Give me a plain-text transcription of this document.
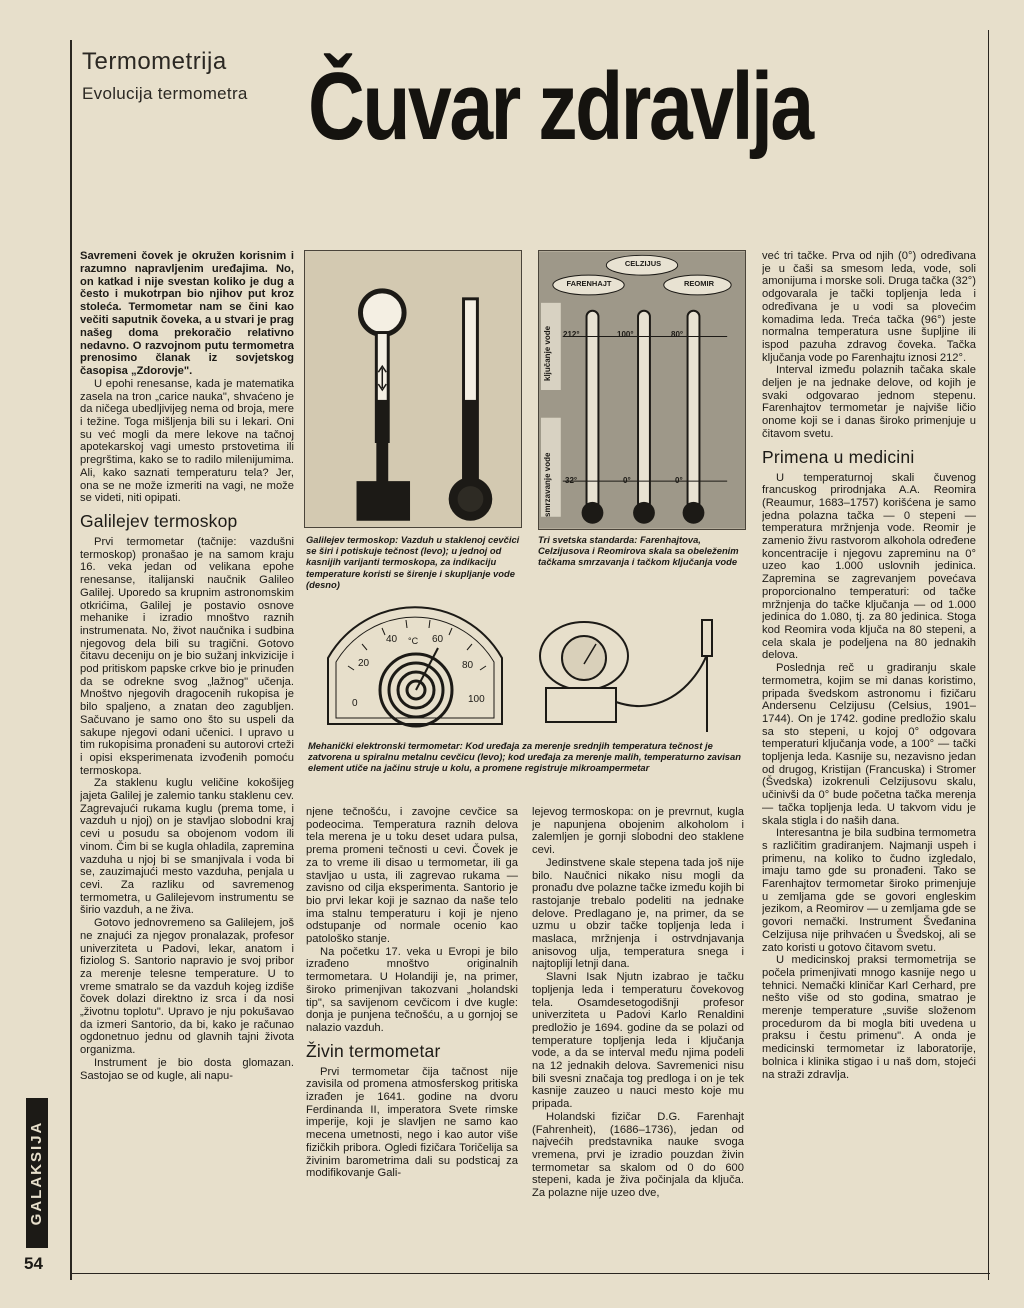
Termometrija
Evolucija termometra Čuvar zdravlja

Savremeni čovek je okružen korisnim i razumno napravljenim uređajima. No, on katkad i nije svestan koliko je dug a često i mukotrpan bio njihov put kroz stoleća. Termometar nam se čini kao večiti saputnik čoveka, a u stvari je prag našeg doma prekoračio relativno nedavno. O razvojnom putu termometra prenosimo članak iz sovjetskog časopisa „Zdorovje".

U epohi renesanse, kada je matematika zasela na tron „carice nauka", shvaćeno je da ničega ubedljivijeg nema od broja, mere i težine. Toga mišljenja bili su i lekari. Oni su već mogli da mere lekove na tačnoj apotekarskoj vagi umesto prstovetima ili pregrštima, kako se to radilo milenijumima. Ali, kako saznati temperaturu tela? Jer, ona se ne može izmeriti na vagi, ne može se videti, niti opipati.

Galilejev termoskop

Prvi termometar (tačnije: vazdušni termoskop) pronašao je na samom kraju 16. veka jedan od velikana epohe renesanse, italijanski naučnik Galileo Galilej. Uporedo sa krupnim astronomskim otkrićima, Galilej je postavio osnove mehanike i izradio mnoštvo raznih instrumenata. No, život naučnika i sudbina njegovog dela bili su tragični. Gotovo čitavu deceniju on je bio sužanj inkvizicije i pod pritiskom papske crkve bio je prinuđen da se odrekne svog „lažnog" učenja. Mnoštvo njegovih dragocenih rukopisa je bilo spaljeno, a znatan deo zagubljen. Sačuvano je samo ono što su uspeli da sakupe njegovi odani učenici. I upravo u tim rukopisima pronađeni su autorovi crteži i opisi eksperimenata izvođenih pomoću termoskopa.

Za staklenu kuglu veličine kokošijeg jajeta Galilej je zalemio tanku staklenu cev. Zagrevajući rukama kuglu (prema tome, i vazduh u njoj) on je stavljao slobodni kraj cevi u posudu sa obojenom vodom ili vinom. Čim bi se kugla ohladila, zapremina vazduha u njoj bi se smanjivala i voda bi se, zauzimajući mesto vazduha, penjala u cevi. Za razliku od savremenog termometra, u Galilejevom instrumentu se širio vazduh, a ne živa.

Gotovo jednovremeno sa Galilejem, još ne znajući za njegov pronalazak, profesor univerziteta u Padovi, lekar, anatom i fiziolog S. Santorio napravio je svoj pribor za merenje telesne temperature. U to vreme smatralo se da vazduh kojeg izdiše čovek dolazi direktno iz srca i da nosi „životnu toplotu". Upravo je nju pokušavao da izmeri Santorio, da bi, kako je računao ogdonetnuo jednu od glavnih tajni života organizma.

Instrument je bio dosta glomazan. Sastojao se od kugle, ali napu-

CELZIJUS
FARENHAJT	REOMIR
ključanje vode
smrzavanje vode
212°	100°	80°
32°	0°	0°
Galilejev termoskop: Vazduh u staklenoj cevčici se širi i potiskuje tečnost (levo); u jednoj od kasnijih varijanti termoskopa, za indikaciju temperature koristi se širenje i skupljanje vode (desno)
Tri svetska standarda: Farenhajtova, Celzijusova i Reomirova skala sa obeleženim tačkama smrzavanja i tačkom ključanja vode
0
20
40 °C 60
80
100
Mehanički elektronski termometar: Kod uređaja za merenje srednjih temperatura tečnost je zatvorena u spiralnu metalnu cevčicu (levo); kod uređaja za merenje malih, temperaturno zavisan element utiče na jačinu struje u kolu, a promene registruje mikroampermetar

njene tečnošću, i zavojne cevčice sa podeocima. Temperatura raznih delova tela merena je u toku deset udara pulsa, prema promeni tečnosti u cevi. Čovek je za to vreme ili disao u termometar, ili ga stavljao u usta, ili zagrevao rukama — zavisno od cilja eksperimenta. Santorio je bio prvi lekar koji je saznao da naše telo ima stalnu temperaturu i koji je njeno odstupanje od normale ocenio kao patološko stanje.

Na početku 17. veka u Evropi je bilo izrađeno mnoštvo originalnih termometara. U Holandiji je, na primer, široko primenjivan takozvani „holandski tip", sa savijenom cevčicom i dve kugle: donja je punjena tečnošću, a u gornjoj se nalazio vazduh.

Živin termometar

Prvi termometar čija tačnost nije zavisila od promena atmosferskog pritiska izrađen je 1641. godine na dvoru Ferdinanda II, imperatora Svete rimske imperije, koji je slavljen ne samo kao mecena umetnosti, nego i kao autor više fizičkih pribora. Ogledi fizičara Toričelija sa živinim barometrima dali su podsticaj za modifikovanje Gali-

lejevog termoskopa: on je prevrnut, kugla je napunjena obojenim alkoholom i zalemljen je gornji slobodni deo staklene cevi.

Jedinstvene skale stepena tada još nije bilo. Naučnici nikako nisu mogli da pronađu dve polazne tačke između kojih bi rastojanje trebalo podeliti na jednake delove. Predlagano je, na primer, da se uzmu u obzir tačke topljenja leda i maslaca, mržnjenja i ostrvdnjavanja anisovog ulja, temperatura snega i najtopliji letnji dana.

Slavni Isak Njutn izabrao je tačku topljenja leda i temperaturu čovekovog tela. Osamdesetogodišnji profesor univerziteta u Padovi Karlo Renaldini predložio je 1694. godine da se polazi od temperature topljenja leda i ključanja vode, a da se interval među njima podeli na 12 jednakih delova. Savremenici nisu bili svesni značaja tog predloga i on je tek kasnije zauzeo u nauci mesto koje mu pripada.

Holandski fizičar D.G. Farenhajt (Fahrenheit), (1686–1736), jedan od najvećih predstavnika nauke svoga vremena, prvi je izradio pouzdan živin termometar sa skalom od 0 do 600 stepeni, kada je živa počinjala da ključa. Za polazne nije uzeo dve,

već tri tačke. Prva od njih (0°) određivana je u čaši sa smesom leda, vode, soli amonijuma i morske soli. Druga tačka (32°) odgovarala je tački topljenja leda i određivana je u vodi sa plovećim komadima leda. Treća tačka (96°) jeste normalna temperatura usne šupljine ili ispod pazuha zdravog čoveka. Tačka ključanja vode po Farenhajtu iznosi 212°.

Interval između polaznih tačaka skale deljen je na jednake delove, od kojih je svaki odgovarao jednom stepenu. Farenhajtov termometar je najviše ličio onome koji se i danas široko primenjuje u čitavom svetu.

Primena u medicini

U temperaturnoj skali čuvenog francuskog prirodnjaka A.A. Reomira (Reaumur, 1683–1757) korišćena je samo jedna polazna tačka — 0 stepeni — temperatura mržnjenja vode. Reomir je zamenio živu rastvorom alkohola određene koncentracije i njegovu zapreminu na 0° uzeo kao 1.000 uslovnih jedinica. Zapremina se zagrevanjem povećava proporcionalno temperaturi: od tačke mržnjenja do tačke ključanja — od 1.000 jedinica do 1.080, tj. za 80 jedinica. Stoga kod Reomira voda ključa na 80 stepeni, a cela skala je podeljena na 80 jednakih delova.

Poslednja reč u gradiranju skale termometra, kojim se mi danas koristimo, pripada švedskom astronomu i fizičaru Andersenu Celzijusu (Celsius, 1901–1744). On je 1742. godine predložio skalu sa sto stepeni, u kojoj 0° odgovara temperaturi ključanja vode, a 100° — tački topljenja leda. Kasnije su, nezavisno jedan od drugog, Kristijan (Francuska) i Stromer (Švedska) izokrenuli Celzijusovu skalu, učinivši da 0° bude početna tačka merenja — tačka topljenja leda. U takvom vidu je skala stigla i do naših dana.

Interesantna je bila sudbina termometra s različitim gradiranjem. Najmanji uspeh i primenu, na koliko to čudno izgledalo, imaju tamo gde su pronađeni. Tako se Farenhajtov termometar široko primenjuje u zemljama gde se govori engleskim jezikom, a Reomirov — u zemljama gde se govori nemački. Instrument Šveđanina Celzijusa nije prihvaćen u Švedskoj, ali se zato koristi u gotovo čitavom svetu.

U medicinskoj praksi termometrija se počela primenjivati mnogo kasnije nego u tehnici. Nemački kliničar Karl Cerhard, pre nešto više od sto godina, smatrao je merenje temperature „suviše složenom procedurom da bi mogla biti uvedena u praksu i čestu primenu". A onda je medicinski termometar iz laboratorije, bolnica i klinika stigao i u naš dom, stojeći na straži zdravlja.

GALAKSIJA
54
